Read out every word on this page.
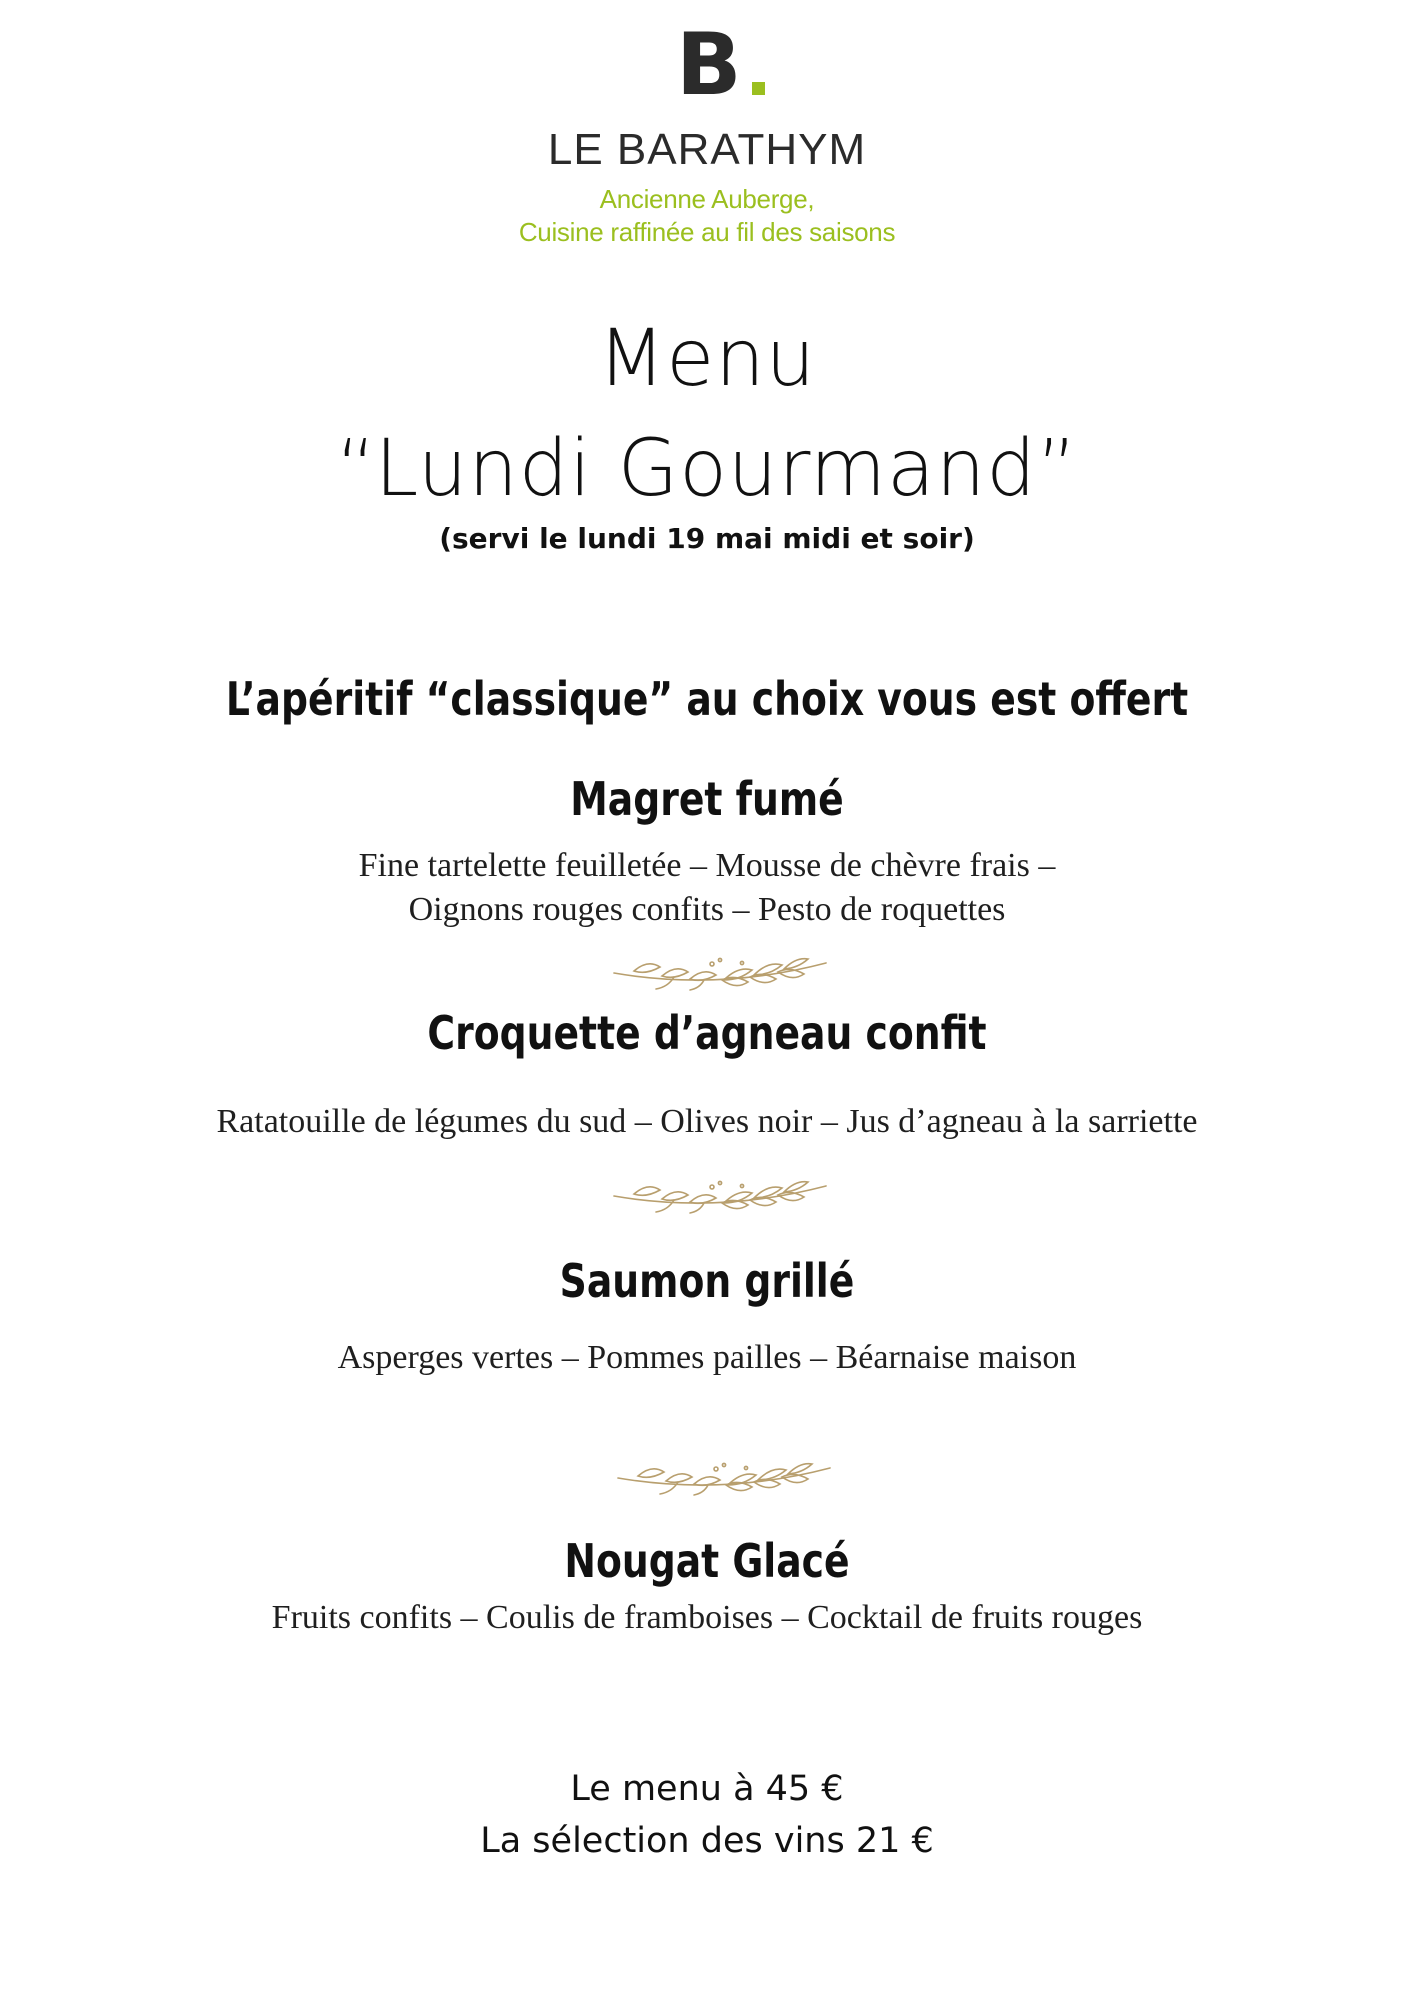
B
LE BARATHYM
Ancienne Auberge,
Cuisine raffinée au fil des saisons
Menu
“Lundi Gourmand”
(servi le lundi 19 mai midi et soir)
L’apéritif “classique” au choix vous est offert
Magret fumé
Fine tartelette feuilletée – Mousse de chèvre frais –
Oignons rouges confits – Pesto de roquettes
Croquette d’agneau confit
Ratatouille de légumes du sud – Olives noir – Jus d’agneau à la sarriette
Saumon grillé
Asperges vertes – Pommes pailles – Béarnaise maison
Nougat Glacé
Fruits confits – Coulis de framboises – Cocktail de fruits rouges
Le menu à 45 €
La sélection des vins 21 €
